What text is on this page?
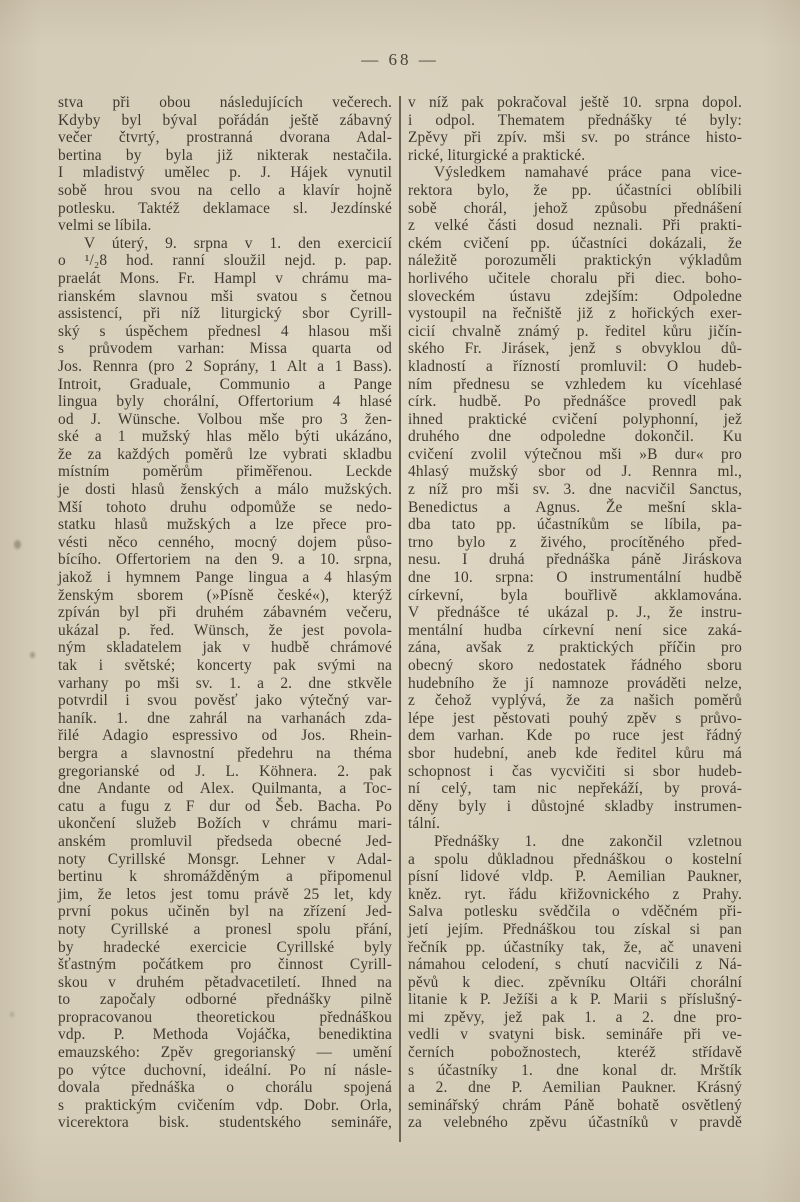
— 68 —
stva při obou následujících večerech.
Kdyby byl býval pořádán ještě zábavný
večer čtvrtý, prostranná dvorana Adal-
bertina by byla již nikterak nestačila.
I mladistvý umělec p. J. Hájek vynutil
sobě hrou svou na cello a klavír hojně
potlesku. Taktéž deklamace sl. Jezdínské
velmi se líbila.
V úterý, 9. srpna v 1. den exercicií
o ¹/₂8 hod. ranní sloužil nejd. p. pap.
praelát Mons. Fr. Hampl v chrámu ma-
rianském slavnou mši svatou s četnou
assistencí, při níž liturgický sbor Cyrill-
ský s úspěchem přednesl 4 hlasou mši
s průvodem varhan: Missa quarta od
Jos. Rennra (pro 2 Soprány, 1 Alt a 1 Bass).
Introit, Graduale, Communio a Pange
lingua byly chorální, Offertorium 4 hlasé
od J. Wünsche. Volbou mše pro 3 žen-
ské a 1 mužský hlas mělo býti ukázáno,
že za každých poměrů lze vybrati skladbu
místním poměrům přiměřenou. Leckde
je dosti hlasů ženských a málo mužských.
Mší tohoto druhu odpomůže se nedo-
statku hlasů mužských a lze přece pro-
vésti něco cenného, mocný dojem půso-
bícího. Offertoriem na den 9. a 10. srpna,
jakož i hymnem Pange lingua a 4 hlasým
ženským sborem (»Písně české«), kterýž
zpíván byl při druhém zábavném večeru,
ukázal p. řed. Wünsch, že jest povola-
ným skladatelem jak v hudbě chrámové
tak i světské; koncerty pak svými na
varhany po mši sv. 1. a 2. dne stkvěle
potvrdil i svou pověsť jako výtečný var-
haník. 1. dne zahrál na varhanách zda-
řilé Adagio espressivo od Jos. Rhein-
bergra a slavnostní předehru na théma
gregorianské od J. L. Köhnera. 2. pak
dne Andante od Alex. Quilmanta, a Toc-
catu a fugu z F dur od Šeb. Bacha. Po
ukončení služeb Božích v chrámu mari-
anském promluvil předseda obecné Jed-
noty Cyrillské Monsgr. Lehner v Adal-
bertinu k shromážděným a připomenul
jim, že letos jest tomu právě 25 let, kdy
první pokus učiněn byl na zřízení Jed-
noty Cyrillské a pronesl spolu přání,
by hradecké exercicie Cyrillské byly
šťastným počátkem pro činnost Cyrill-
skou v druhém pětadvacetiletí. Ihned na
to započaly odborné přednášky pilně
propracovanou theoretickou přednáškou
vdp. P. Methoda Vojáčka, benediktina
emauzského: Zpěv gregorianský — umění
po výtce duchovní, ideální. Po ní násle-
dovala přednáška o chorálu spojená
s praktickým cvičením vdp. Dobr. Orla,
vicerektora bisk. studentského semináře,
v níž pak pokračoval ještě 10. srpna dopol.
i odpol. Thematem přednášky té byly:
Zpěvy při zpív. mši sv. po stránce histo-
rické, liturgické a praktické.
Výsledkem namahavé práce pana vice-
rektora bylo, že pp. účastníci oblíbili
sobě chorál, jehož způsobu přednášení
z velké části dosud neznali. Při prakti-
ckém cvičení pp. účastníci dokázali, že
náležitě porozuměli praktickýn výkladům
horlivého učitele choralu při diec. boho-
sloveckém ústavu zdejším: Odpoledne
vystoupil na řečniště již z hořických exer-
cicií chvalně známý p. ředitel kůru jičín-
ského Fr. Jirásek, jenž s obvyklou dů-
kladností a řízností promluvil: O hudeb-
ním přednesu se vzhledem ku vícehlasé
círk. hudbě. Po přednášce provedl pak
ihned praktické cvičení polyphonní, jež
druhého dne odpoledne dokončil. Ku
cvičení zvolil výtečnou mši »B dur« pro
4hlasý mužský sbor od J. Rennra ml.,
z níž pro mši sv. 3. dne nacvičil Sanctus,
Benedictus a Agnus. Že mešní skla-
dba tato pp. účastníkům se líbila, pa-
trno bylo z živého, procítěného před-
nesu. I druhá přednáška páně Jiráskova
dne 10. srpna: O instrumentální hudbě
církevní, byla bouřlivě akklamována.
V přednášce té ukázal p. J., že instru-
mentální hudba církevní není sice zaká-
zána, avšak z praktických příčin pro
obecný skoro nedostatek řádného sboru
hudebního že jí namnoze prováděti nelze,
z čehož vyplývá, že za našich poměrů
lépe jest pěstovati pouhý zpěv s průvo-
dem varhan. Kde po ruce jest řádný
sbor hudební, aneb kde ředitel kůru má
schopnost i čas vycvičiti si sbor hudeb-
ní celý, tam nic nepřekáží, by prová-
děny byly i důstojné skladby instrumen-
tální.
Přednášky 1. dne zakončil vzletnou
a spolu důkladnou přednáškou o kostelní
písní lidové vldp. P. Aemilian Paukner,
kněz. ryt. řádu křižovnického z Prahy.
Salva potlesku svědčila o vděčném při-
jetí jejím. Přednáškou tou získal si pan
řečník pp. účastníky tak, že, ač unaveni
námahou celodení, s chutí nacvičili z Ná-
pěvů k diec. zpěvníku Oltáři chorální
litanie k P. Ježíši a k P. Marii s příslušný-
mi zpěvy, jež pak 1. a 2. dne pro-
vedli v svatyni bisk. semináře při ve-
černích pobožnostech, kteréž střídavě
s účastníky 1. dne konal dr. Mrštík
a 2. dne P. Aemilian Paukner. Krásný
seminářský chrám Páně bohatě osvětlený
za velebného zpěvu účastníků v pravdě
